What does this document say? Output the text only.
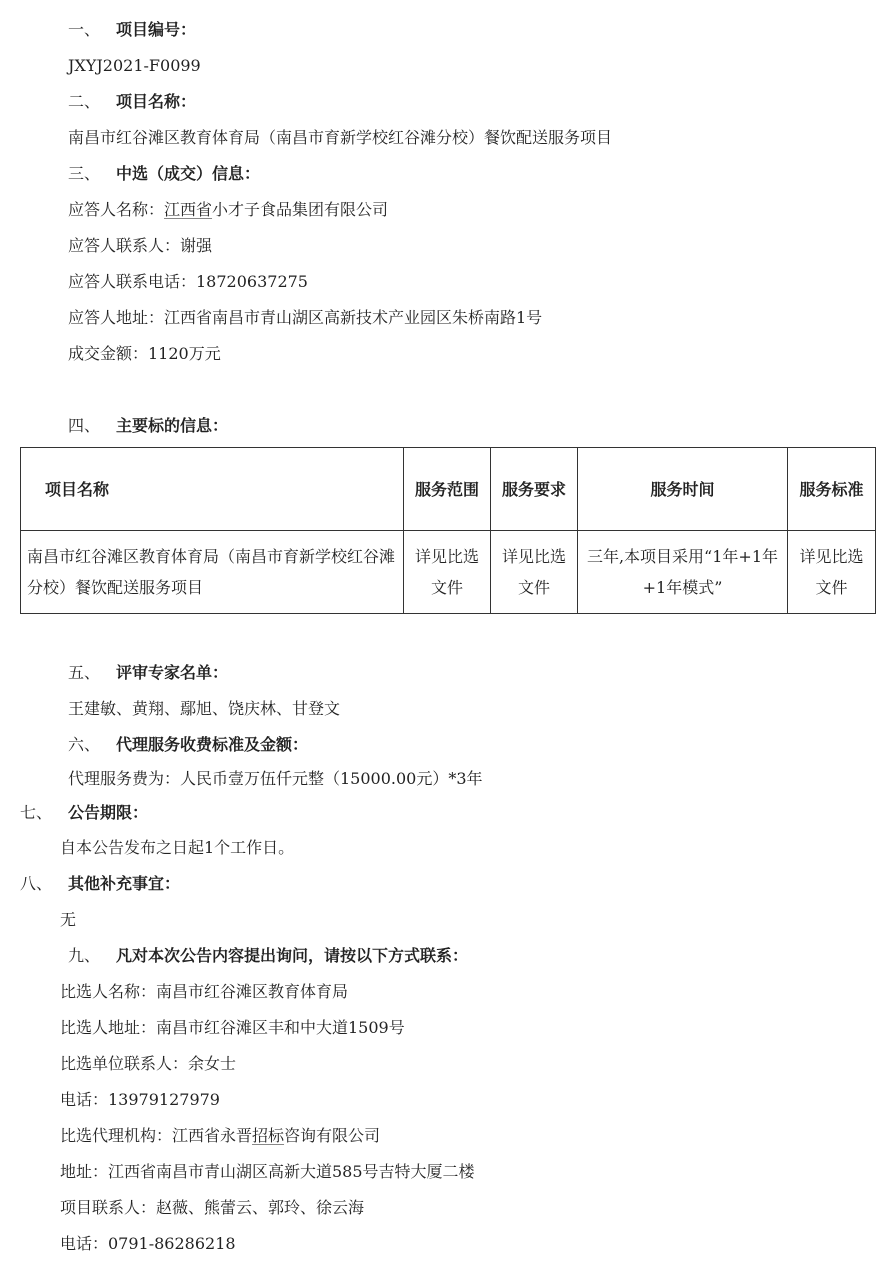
一、 项目编号：
JXYJ2021-F0099
二、 项目名称：
南昌市红谷滩区教育体育局（南昌市育新学校红谷滩分校）餐饮配送服务项目
三、 中选（成交）信息：
应答人名称：江西省小才子食品集团有限公司
应答人联系人：谢强
应答人联系电话：18720637275
应答人地址：江西省南昌市青山湖区高新技术产业园区朱桥南路1号
成交金额：1120万元
四、 主要标的信息：
项目名称	服务范围	服务要求	服务时间	服务标准
南昌市红谷滩区教育体育局（南昌市育新学校红谷滩分校）餐饮配送服务项目	详见比选文件	详见比选文件	三年,本项目采用“1年+1年+1年模式”	详见比选文件
五、 评审专家名单：
王建敏、黄翔、鄢旭、饶庆林、甘登文
六、 代理服务收费标准及金额：
代理服务费为：人民币壹万伍仟元整（15000.00元）*3年
七、 公告期限：
自本公告发布之日起1个工作日。
八、 其他补充事宜：
无
九、 凡对本次公告内容提出询问，请按以下方式联系：
比选人名称：南昌市红谷滩区教育体育局
比选人地址：南昌市红谷滩区丰和中大道1509号
比选单位联系人：余女士
电话：13979127979
比选代理机构：江西省永晋招标咨询有限公司
地址：江西省南昌市青山湖区高新大道585号吉特大厦二楼
项目联系人：赵薇、熊蕾云、郭玲、徐云海
电话：0791-86286218
